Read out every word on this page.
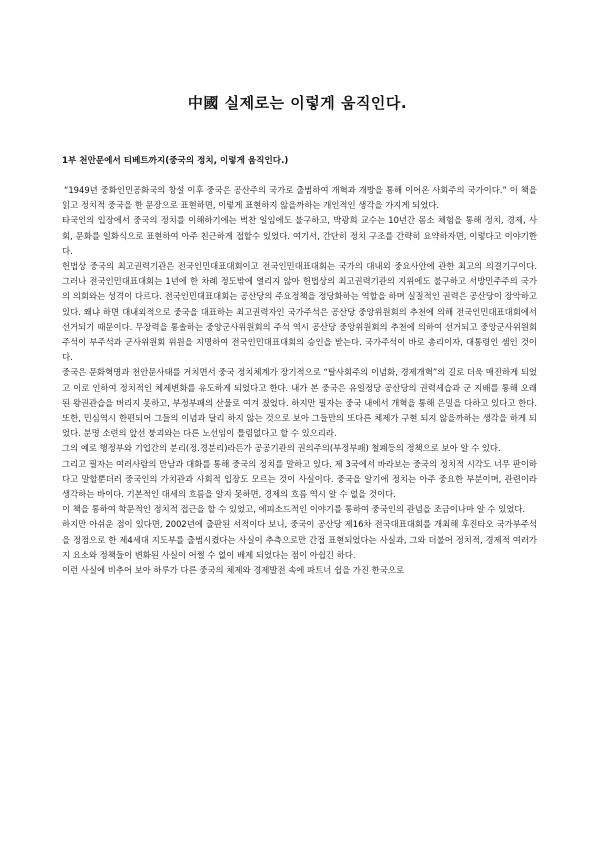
中國 실제로는 이렇게 움직인다.
1부 천안문에서 티베트까지(중국의 정치, 이렇게 움직인다.)

“1949년 중화인민공화국의 창설 이후 중국은 공산주의 국가로 출범하여 개혁과 개방을 통해 이어온 사회주의 국가이다.” 이 책을 읽고 정치적 중국을 한 문장으로 표현하면, 이렇게 표현하지 않을까하는 개인적인 생각을 가지게 되었다.

타국인의 입장에서 중국의 정치를 이해하기에는 벅찬 일임에도 불구하고, 박광희 교수는 10년간 몸소 체험을 통해 정치, 경제, 사회, 문화를 일화식으로 표현하여 아주 친근하게 접할수 있었다. 여기서, 간단히 정치 구조를 간략히 요약하자면, 이렇다고 이야기한다.

헌법상 중국의 최고권력기관은 전국인민대표대회이고 전국인민대표대회는 국가의 대내외 중요사안에 관한 최고의 의결기구이다. 그러나 전국인민대표대회는 1년에 한 차례 정도밖에 열리지 않아 헌법상의 최고권력기관의 지위에도 불구하고 서방민주주의 국가의 의회와는 성격이 다르다. 전국인민대표대회는 공산당의 주요정책을 정당화하는 역할을 하며 실질적인 권력은 공산당이 장악하고 있다. 왜냐 하면 대내외적으로 중국을 대표하는 최고권력자인 국가주석은 공산당 중앙위원회의 추천에 의해 전국인민대표대회에서 선거되기 때문이다. 무장력을 통솔하는 중앙군사위원회의 주석 역시 공산당 중앙위원회의 추천에 의하여 선거되고 중앙군사위원회 주석이 부주석과 군사위원회 위원을 지명하여 전국인민대표대회의 승인을 받는다. 국가주석이 바로 총리이자, 대통령인 셈인 것이다.

중국은 문화혁명과 천안문사태를 거치면서 중국 정치체계가 장기적으로 “탈사회주의 이념화, 경제개혁”의 길로 더욱 매진하게 되었고 이로 인하여 정치적인 체제변화를 유도하게 되었다고 한다. 내가 본 중국은 유일정당 공산당의 권력세습과 군 지배를 통해 오래된 왕권관습을 버리지 못하고, 부정부패의 산물로 여겨 졌었다. 하지만 필자는 중국 내에서 개혁을 통해 은밀을 다하고 있다고 한다. 또한, 민심역시 한편되어 그들의 이념과 달리 하지 않는 것으로 보아 그들만의 또다른 체제가 구현 되지 않을까하는 생각을 하게 되었다. 분명 소련의 앞선 붕괴와는 다른 노선임이 틀림없다고 할 수 있으리라.

그의 예로 행정부와 기업간의 분리(정.경분리)라든가 공공기관의 권의주의(부정부패) 철폐등의 정책으로 보아 알 수 있다.

그리고 필자는 여러사람의 만남과 대화를 통해 중국의 정치를 말하고 있다. 제 3국에서 바라보는 중국의 정치적 시각도 너무 판이하다고 말할뿐더러 중국인의 가치관과 사회적 입장도 모르는 것이 사실이다. 중국을 알기에 정치는 아주 중요한 부분이며, 관련이라 생각하는 바이다. 기본적인 대세의 흐름을 알지 못하면, 경제의 흐름 역시 알 수 없을 것이다.

이 책을 통하여 학문적인 정치적 접근을 할 수 있었고, 에피소드적인 이야기를 통하여 중국인의 관념을 조금이나마 알 수 있었다.

하지만 아쉬운 점이 있다면, 2002년에 출판된 서적이다 보니, 중국이 공산당 제16차 전국대표대회를 개최해 후진타오 국가부주석을 정점으로 한 제4세대 지도부를 출범시켰다는 사실이 추측으로만 간접 표현되었다는 사실과, 그와 더불어 정치적, 경제적 여러가지 요소와 정책들이 변화된 사실이 어쩔 수 없이 배제 되었다는 점이 아쉽긴 하다.

이런 사실에 비추어 보아 하루가 다른 중국의 체제와 경제발전 속에 파트너 쉽을 가진 한국으로
